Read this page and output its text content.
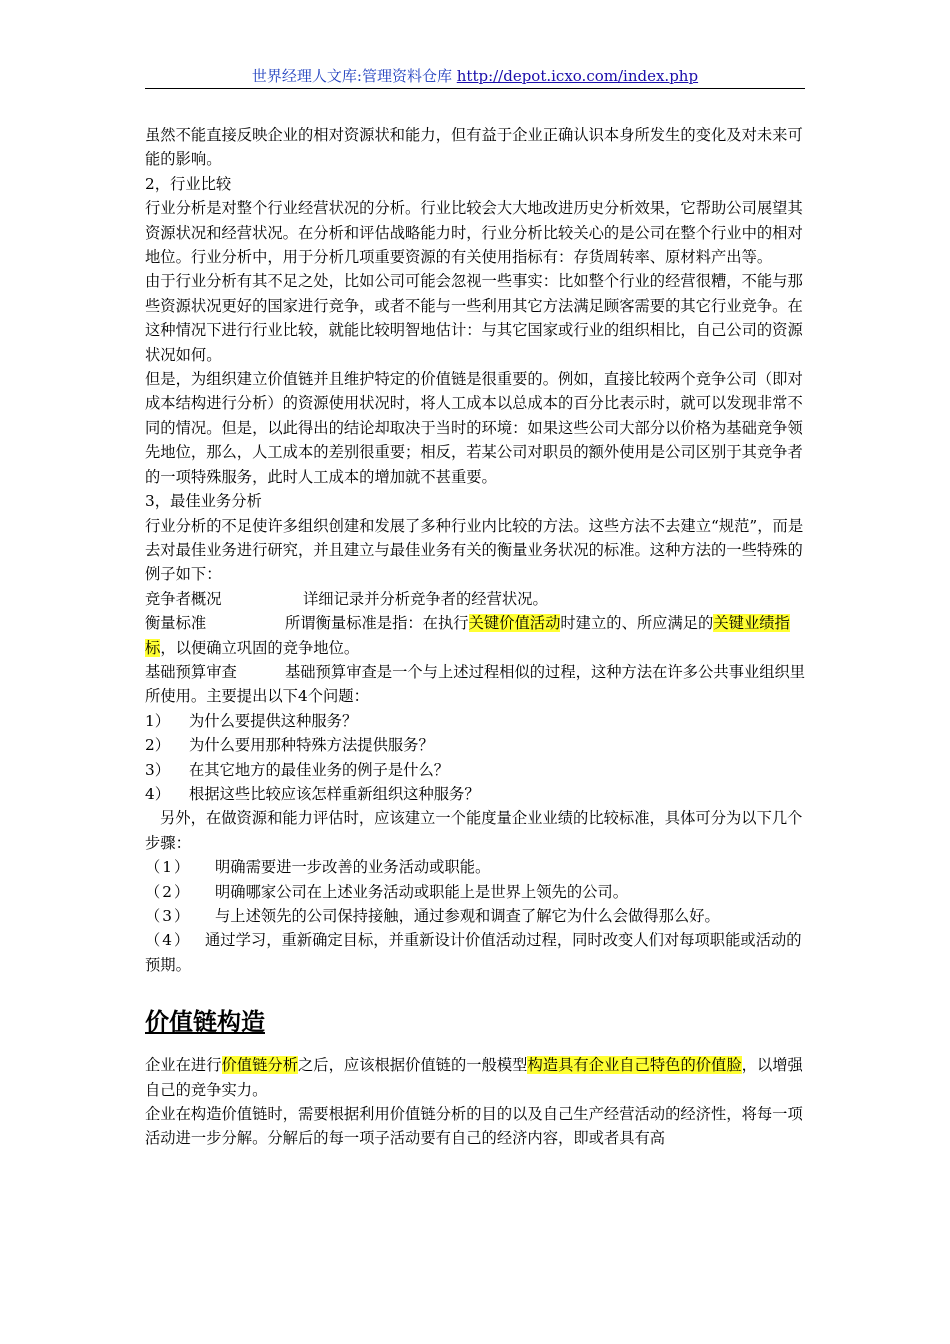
世界经理人文库:管理资料仓库 http://depot.icxo.com/index.php

虽然不能直接反映企业的相对资源状和能力，但有益于企业正确认识本身所发生的变化及对未来可能的影响。

2，行业比较

行业分析是对整个行业经营状况的分析。行业比较会大大地改进历史分析效果，它帮助公司展望其资源状况和经营状况。在分析和评估战略能力时，行业分析比较关心的是公司在整个行业中的相对地位。行业分析中，用于分析几项重要资源的有关使用指标有：存货周转率、原材料产出等。

由于行业分析有其不足之处，比如公司可能会忽视一些事实：比如整个行业的经营很糟，不能与那些资源状况更好的国家进行竞争，或者不能与一些利用其它方法满足顾客需要的其它行业竞争。在这种情况下进行行业比较，就能比较明智地估计：与其它国家或行业的组织相比，自己公司的资源状况如何。

但是，为组织建立价值链并且维护特定的价值链是很重要的。例如，直接比较两个竞争公司（即对成本结构进行分析）的资源使用状况时，将人工成本以总成本的百分比表示时，就可以发现非常不同的情况。但是，以此得出的结论却取决于当时的环境：如果这些公司大部分以价格为基础竞争领先地位，那么，人工成本的差别很重要；相反，若某公司对职员的额外使用是公司区别于其竞争者的一项特殊服务，此时人工成本的增加就不甚重要。

3，最佳业务分析

行业分析的不足使许多组织创建和发展了多种行业内比较的方法。这些方法不去建立“规范”，而是去对最佳业务进行研究，并且建立与最佳业务有关的衡量业务状况的标准。这种方法的一些特殊的例子如下：

竞争者概况	详细记录并分析竞争者的经营状况。

衡量标准	所谓衡量标准是指：在执行关键价值活动时建立的、所应满足的关键业绩指标，以便确立巩固的竞争地位。

基础预算审查	基础预算审查是一个与上述过程相似的过程，这种方法在许多公共事业组织里所使用。主要提出以下4个问题：

1） 为什么要提供这种服务？

2） 为什么要用那种特殊方法提供服务？

3） 在其它地方的最佳业务的例子是什么？

4） 根据这些比较应该怎样重新组织这种服务？

另外，在做资源和能力评估时，应该建立一个能度量企业业绩的比较标准，具体可分为以下几个步骤：

（1） 明确需要进一步改善的业务活动或职能。

（2） 明确哪家公司在上述业务活动或职能上是世界上领先的公司。

（3） 与上述领先的公司保持接触，通过参观和调查了解它为什么会做得那么好。

（4） 通过学习，重新确定目标，并重新设计价值活动过程，同时改变人们对每项职能或活动的预期。

价值链构造

企业在进行价值链分析之后，应该根据价值链的一般模型构造具有企业自己特色的价值脸，以增强自己的竞争实力。

企业在构造价值链时，需要根据利用价值链分析的目的以及自己生产经营活动的经济性，将每一项活动进一步分解。分解后的每一项子活动要有自己的经济内容，即或者具有高
